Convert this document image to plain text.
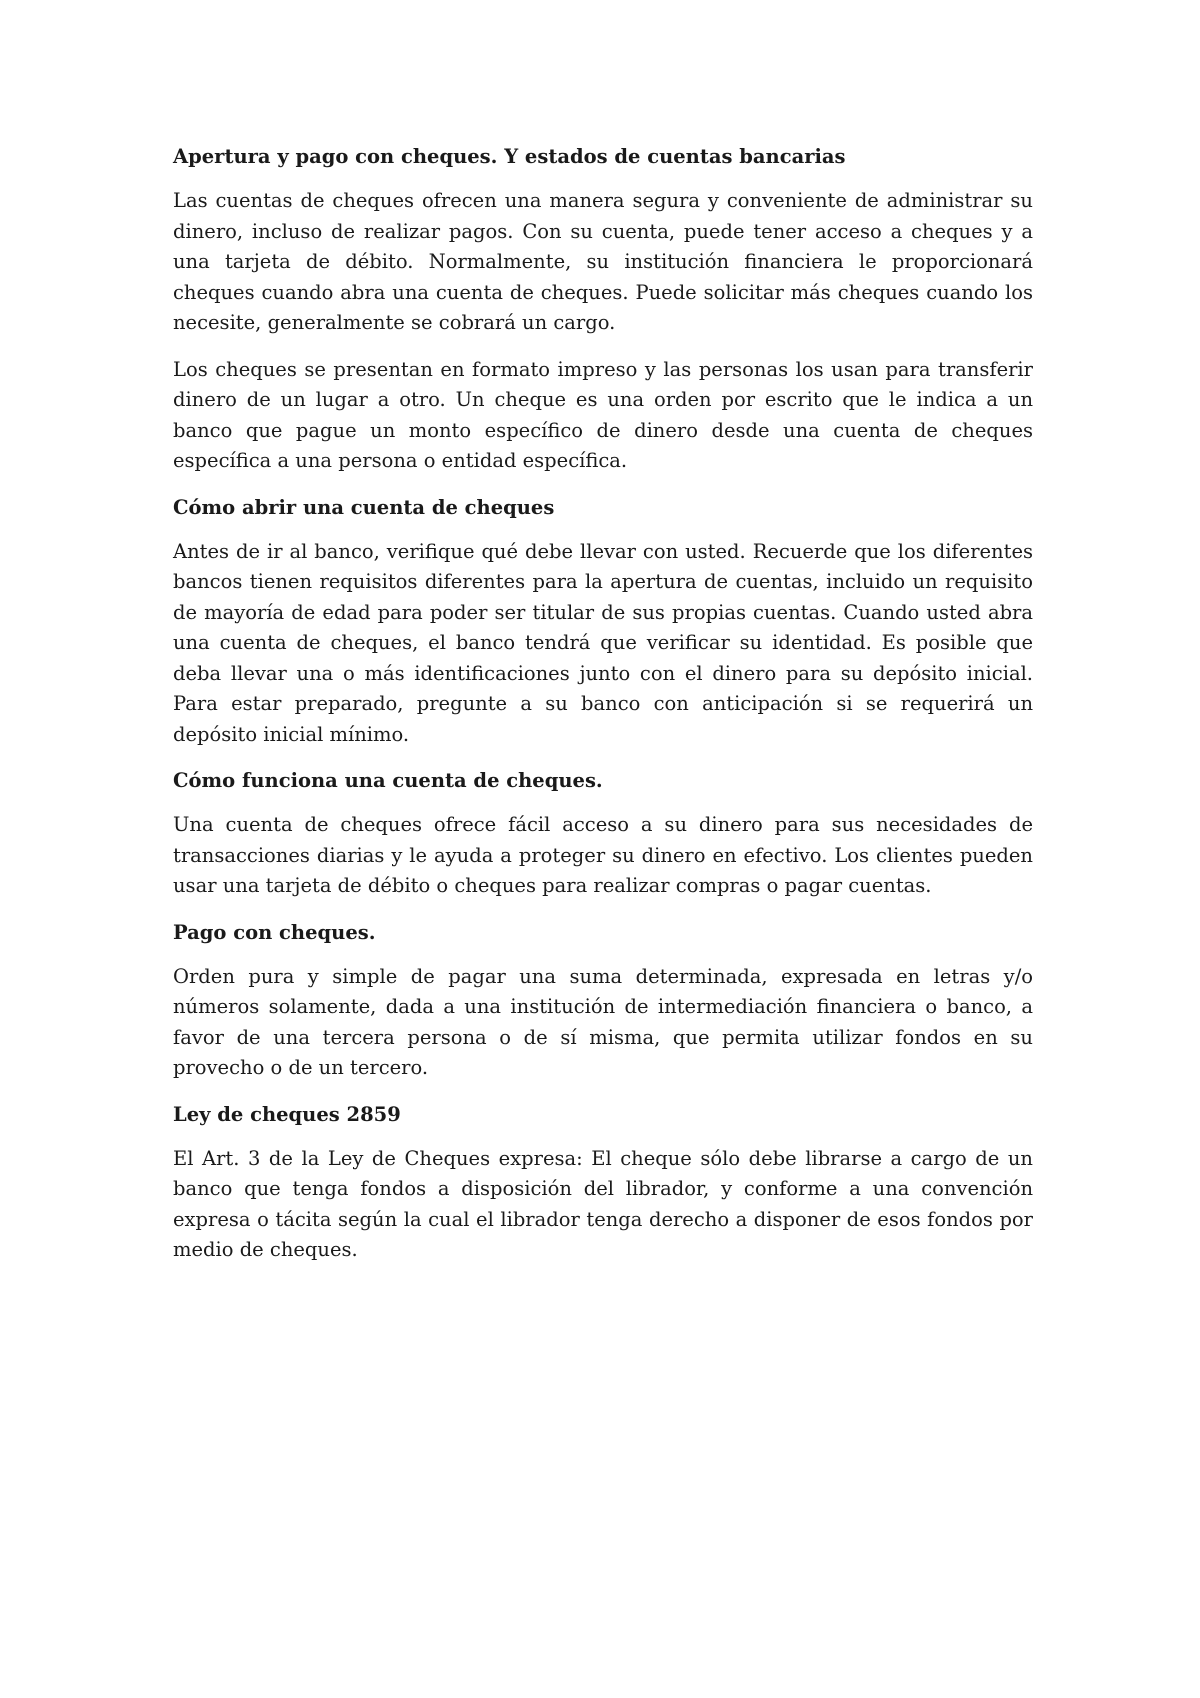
Apertura y pago con cheques. Y estados de cuentas bancarias

Las cuentas de cheques ofrecen una manera segura y conveniente de administrar su dinero, incluso de realizar pagos. Con su cuenta, puede tener acceso a cheques y a una tarjeta de débito. Normalmente, su institución financiera le proporcionará cheques cuando abra una cuenta de cheques. Puede solicitar más cheques cuando los necesite, generalmente se cobrará un cargo.

Los cheques se presentan en formato impreso y las personas los usan para transferir dinero de un lugar a otro. Un cheque es una orden por escrito que le indica a un banco que pague un monto específico de dinero desde una cuenta de cheques específica a una persona o entidad específica.

Cómo abrir una cuenta de cheques

Antes de ir al banco, verifique qué debe llevar con usted. Recuerde que los diferentes bancos tienen requisitos diferentes para la apertura de cuentas, incluido un requisito de mayoría de edad para poder ser titular de sus propias cuentas. Cuando usted abra una cuenta de cheques, el banco tendrá que verificar su identidad. Es posible que deba llevar una o más identificaciones junto con el dinero para su depósito inicial. Para estar preparado, pregunte a su banco con anticipación si se requerirá un depósito inicial mínimo.

Cómo funciona una cuenta de cheques.

Una cuenta de cheques ofrece fácil acceso a su dinero para sus necesidades de transacciones diarias y le ayuda a proteger su dinero en efectivo. Los clientes pueden usar una tarjeta de débito o cheques para realizar compras o pagar cuentas.

Pago con cheques.

Orden pura y simple de pagar una suma determinada, expresada en letras y/o números solamente, dada a una institución de intermediación financiera o banco, a favor de una tercera persona o de sí misma, que permita utilizar fondos en su provecho o de un tercero.

Ley de cheques 2859

El Art. 3 de la Ley de Cheques expresa: El cheque sólo debe librarse a cargo de un banco que tenga fondos a disposición del librador, y conforme a una convención expresa o tácita según la cual el librador tenga derecho a disponer de esos fondos por medio de cheques.
